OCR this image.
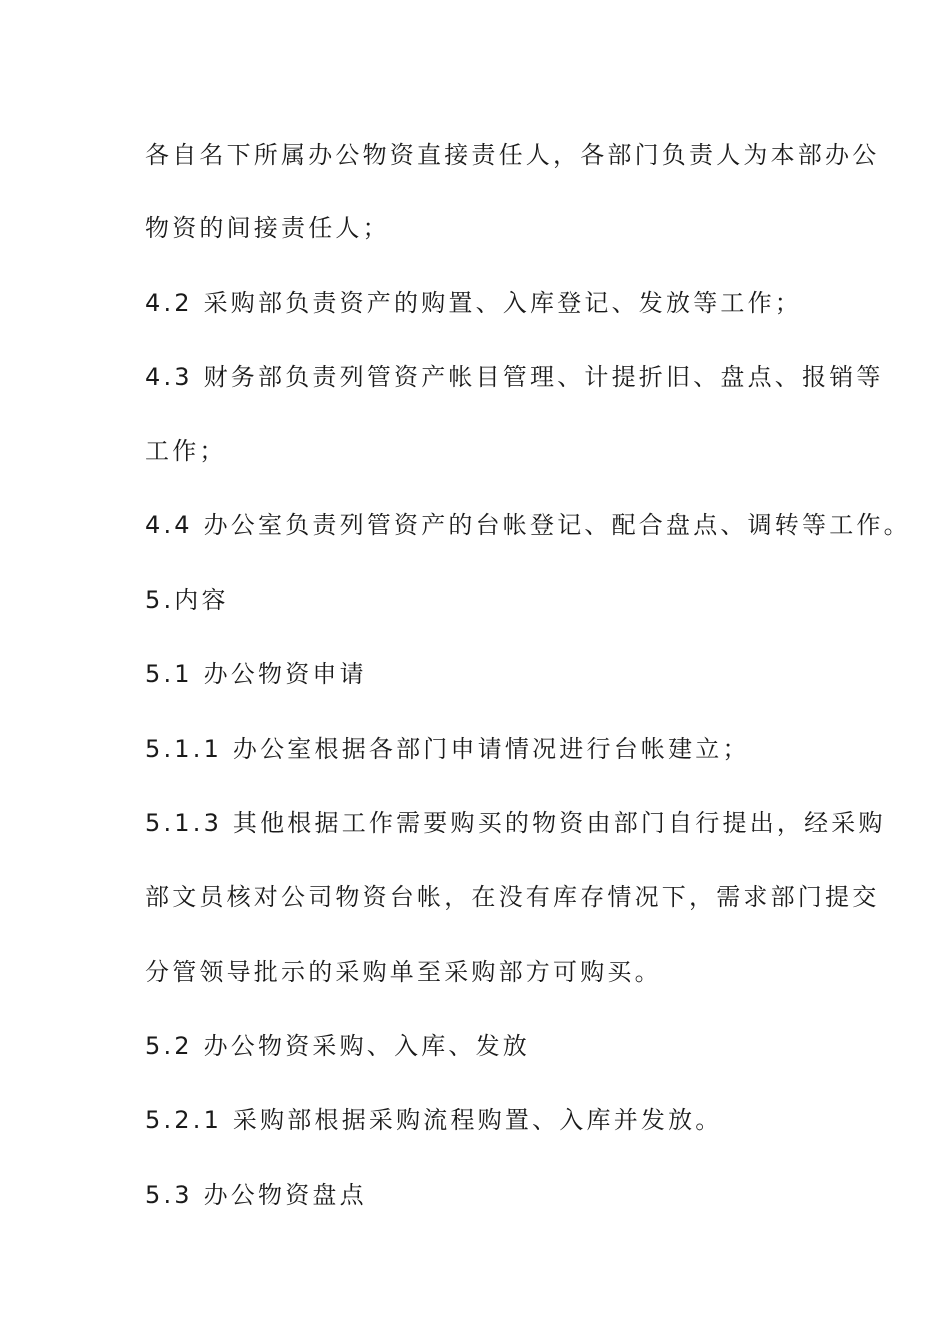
各自名下所属办公物资直接责任人，各部门负责人为本部办公
物资的间接责任人；
4.2 采购部负责资产的购置、入库登记、发放等工作；
4.3 财务部负责列管资产帐目管理、计提折旧、盘点、报销等
工作；
4.4 办公室负责列管资产的台帐登记、配合盘点、调转等工作。
5.内容
5.1 办公物资申请
5.1.1 办公室根据各部门申请情况进行台帐建立；
5.1.3 其他根据工作需要购买的物资由部门自行提出，经采购
部文员核对公司物资台帐，在没有库存情况下，需求部门提交
分管领导批示的采购单至采购部方可购买。
5.2 办公物资采购、入库、发放
5.2.1 采购部根据采购流程购置、入库并发放。
5.3 办公物资盘点
